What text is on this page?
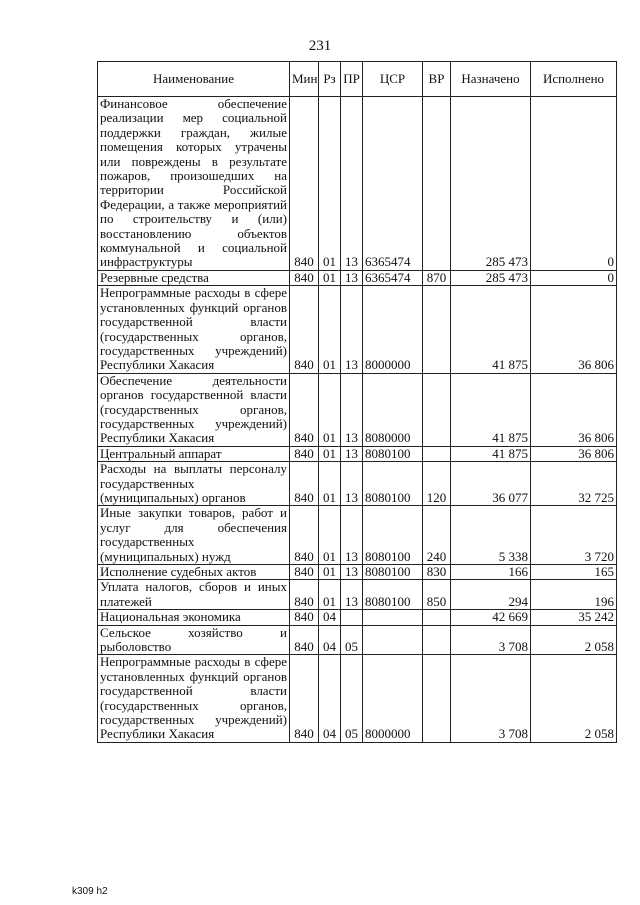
231
Наименование	Мин	Рз	ПР	ЦСР	ВР	Назначено	Исполнено
Финансовое обеспечение реализации мер социальной поддержки граждан, жилые помещения которых утрачены или повреждены в результате пожаров, произошедших на территории Российской Федерации, а также мероприятий по строительству и (или) восстановлению объектов коммунальной и социальной инфраструктуры	840	01	13	6365474		285 473	0
Резервные средства	840	01	13	6365474	870	285 473	0
Непрограммные расходы в сфере установленных функций органов государственной власти (государственных органов, государственных учреждений) Республики Хакасия	840	01	13	8000000		41 875	36 806
Обеспечение деятельности органов государственной власти (государственных органов, государственных учреждений) Республики Хакасия	840	01	13	8080000		41 875	36 806
Центральный аппарат	840	01	13	8080100		41 875	36 806
Расходы на выплаты персоналу государственных (муниципальных) органов	840	01	13	8080100	120	36 077	32 725
Иные закупки товаров, работ и услуг для обеспечения государственных (муниципальных) нужд	840	01	13	8080100	240	5 338	3 720
Исполнение судебных актов	840	01	13	8080100	830	166	165
Уплата налогов, сборов и иных платежей	840	01	13	8080100	850	294	196
Национальная экономика	840	04				42 669	35 242
Сельское хозяйство и рыболовство	840	04	05			3 708	2 058
Непрограммные расходы в сфере установленных функций органов государственной власти (государственных органов, государственных учреждений) Республики Хакасия	840	04	05	8000000		3 708	2 058
k309 h2
